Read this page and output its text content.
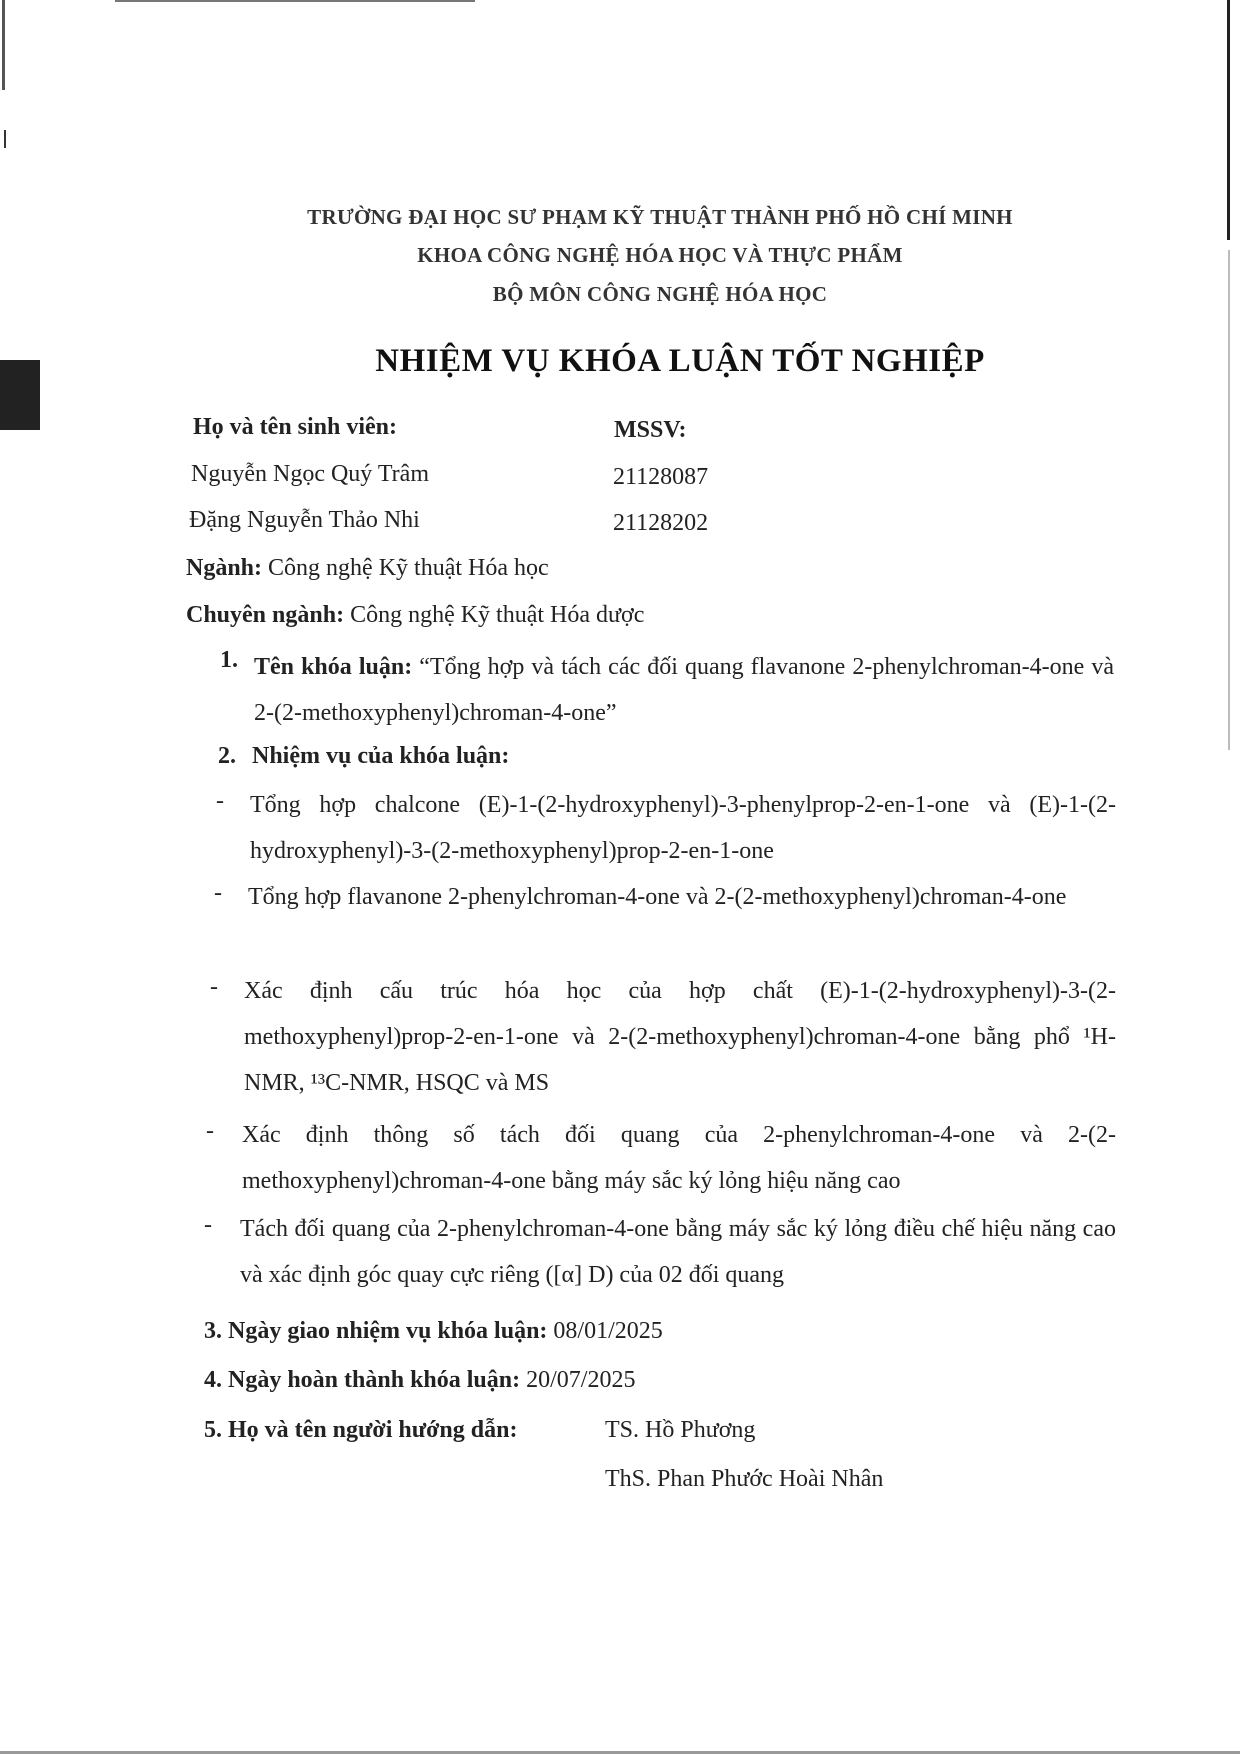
TRƯỜNG ĐẠI HỌC SƯ PHẠM KỸ THUẬT THÀNH PHỐ HỒ CHÍ MINH
KHOA CÔNG NGHỆ HÓA HỌC VÀ THỰC PHẨM
BỘ MÔN CÔNG NGHỆ HÓA HỌC
NHIỆM VỤ KHÓA LUẬN TỐT NGHIỆP
Họ và tên sinh viên:	MSSV:
Nguyễn Ngọc Quý Trâm	21128087
Đặng Nguyễn Thảo Nhi	21128202
Ngành: Công nghệ Kỹ thuật Hóa học
Chuyên ngành: Công nghệ Kỹ thuật Hóa dược
1. Tên khóa luận: “Tổng hợp và tách các đối quang flavanone 2-phenylchroman-4-one và 2-(2-methoxyphenyl)chroman-4-one”
2. Nhiệm vụ của khóa luận:
- Tổng hợp chalcone (E)-1-(2-hydroxyphenyl)-3-phenylprop-2-en-1-one và (E)-1-(2-hydroxyphenyl)-3-(2-methoxyphenyl)prop-2-en-1-one
- Tổng hợp flavanone 2-phenylchroman-4-one và 2-(2-methoxyphenyl)chroman-4-one
- Xác định cấu trúc hóa học của hợp chất (E)-1-(2-hydroxyphenyl)-3-(2-methoxyphenyl)prop-2-en-1-one và 2-(2-methoxyphenyl)chroman-4-one bằng phổ ¹H-NMR, ¹³C-NMR, HSQC và MS
- Xác định thông số tách đối quang của 2-phenylchroman-4-one và 2-(2-methoxyphenyl)chroman-4-one bằng máy sắc ký lỏng hiệu năng cao
- Tách đối quang của 2-phenylchroman-4-one bằng máy sắc ký lỏng điều chế hiệu năng cao và xác định góc quay cực riêng ([α] D) của 02 đối quang
3. Ngày giao nhiệm vụ khóa luận: 08/01/2025
4. Ngày hoàn thành khóa luận: 20/07/2025
5. Họ và tên người hướng dẫn:	TS. Hồ Phương
ThS. Phan Phước Hoài Nhân
